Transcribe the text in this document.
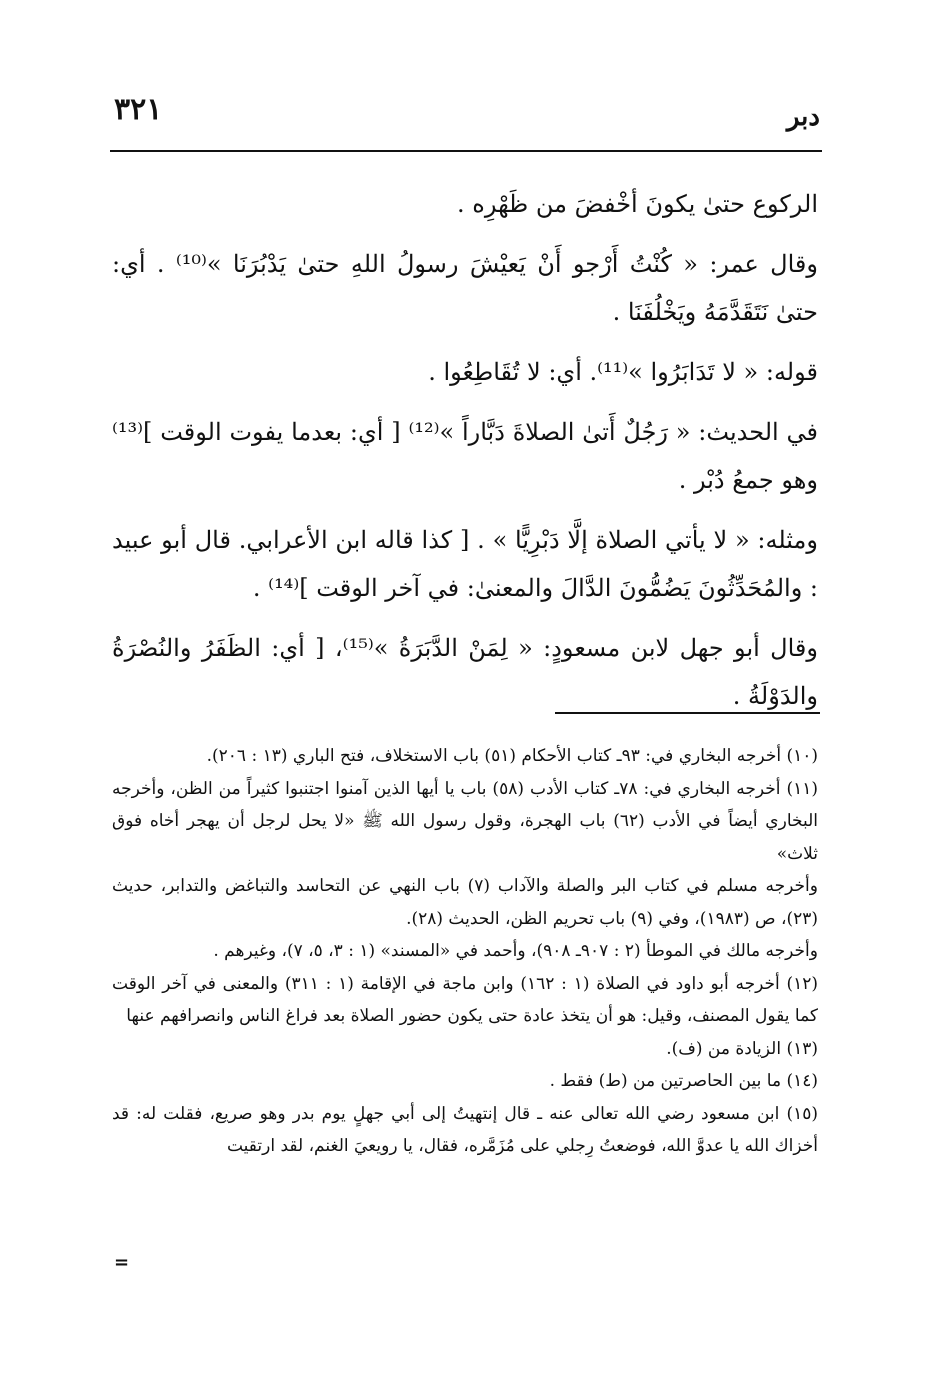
٣٢١	دبر

الركوع حتىٰ يكونَ أخْفضَ من ظَهْرِه .

وقال عمر: « كُنْتُ أَرْجو أَنْ يَعيْشَ رسولُ اللهِ حتىٰ يَدْبُرَنَا »⁽¹⁰⁾ . أي: حتىٰ نَتَقَدَّمَهُ ويَخْلُفَنَا .

قوله: « لا تَدَابَرُوا »⁽¹¹⁾. أي: لا تُقَاطِعُوا .

في الحديث: « رَجُلٌ أَتىٰ الصلاةَ دَبَّاراً »⁽¹²⁾ [ أي: بعدما يفوت الوقت ]⁽¹³⁾ وهو جمعُ دُبْر .

ومثله: « لا يأتي الصلاة إلَّا دَبْرِيًّا » . [ كذا قاله ابن الأعرابي. قال أبو عبيد : والمُحَدِّثُونَ يَضُمُّونَ الدَّالَ والمعنىٰ: في آخر الوقت ]⁽¹⁴⁾ .

وقال أبو جهل لابن مسعودٍ: « لِمَنْ الدَّبَرَةُ »⁽¹⁵⁾، [ أي: الظَفَرُ والنُصْرَةُ والدَوْلَةُ .

(١٠) أخرجه البخاري في: ٩٣ـ كتاب الأحكام (٥١) باب الاستخلاف، فتح الباري (١٣ : ٢٠٦).

(١١) أخرجه البخاري في: ٧٨ـ كتاب الأدب (٥٨) باب يا أيها الذين آمنوا اجتنبوا كثيراً من الظن، وأخرجه البخاري أيضاً في الأدب (٦٢) باب الهجرة، وقول رسول الله ﷺ «لا يحل لرجل أن يهجر أخاه فوق ثلاث»

وأخرجه مسلم في كتاب البر والصلة والآداب (٧) باب النهي عن التحاسد والتباغض والتدابر، حديث (٢٣)، ص (١٩٨٣)، وفي (٩) باب تحريم الظن، الحديث (٢٨).

وأخرجه مالك في الموطأ (٢ : ٩٠٧ـ ٩٠٨)، وأحمد في «المسند» (١ : ٣، ٥، ٧)، وغيرهم .

(١٢) أخرجه أبو داود في الصلاة (١ : ١٦٢) وابن ماجة في الإقامة (١ : ٣١١) والمعنى في آخر الوقت كما يقول المصنف، وقيل: هو أن يتخذ عادة حتى يكون حضور الصلاة بعد فراغ الناس وانصرافهم عنها

(١٣) الزيادة من (ف).

(١٤) ما بين الحاصرتين من (ط) فقط .

(١٥) ابن مسعود رضي الله تعالى عنه ـ قال إنتهيتُ إلى أبي جهلٍ يوم بدر وهو صريع، فقلت له: قد أخزاك الله يا عدوَّ الله، فوضعتُ رِجلي على مُزَمَّره، فقال، يا رويعيَ الغنم، لقد ارتقيت

=
